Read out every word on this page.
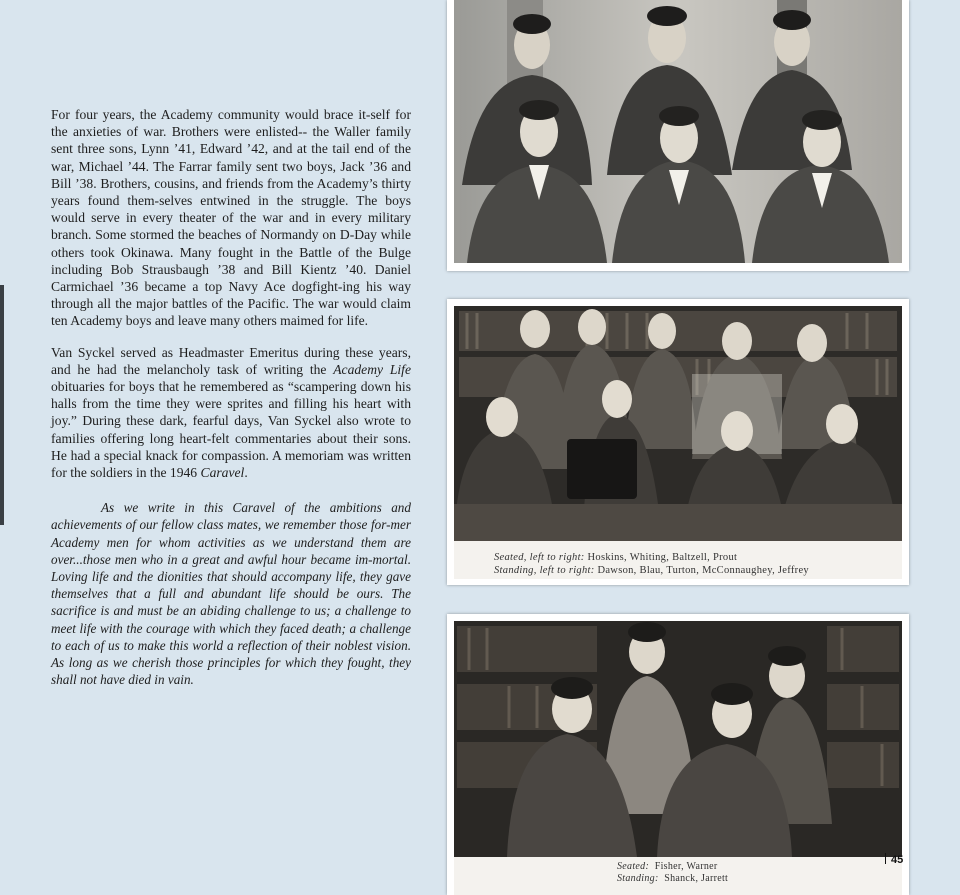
For four years, the Academy community would brace it-self for the anxieties of war. Brothers were enlisted-- the Waller family sent three sons, Lynn ’41, Edward ’42, and at the tail end of the war, Michael ’44. The Farrar family sent two boys, Jack ’36 and Bill ’38. Brothers, cousins, and friends from the Academy’s thirty years found them-selves entwined in the struggle. The boys would serve in every theater of the war and in every military branch. Some stormed the beaches of Normandy on D-Day while others took Okinawa. Many fought in the Battle of the Bulge including Bob Strausbaugh ’38 and Bill Kientz ’40. Daniel Carmichael ’36 became a top Navy Ace dogfight-ing his way through all the major battles of the Pacific. The war would claim ten Academy boys and leave many others maimed for life.

Van Syckel served as Headmaster Emeritus during these years, and he had the melancholy task of writing the Academy Life obituaries for boys that he remembered as “scampering down his halls from the time they were sprites and filling his heart with joy.” During these dark, fearful days, Van Syckel also wrote to families offering long heart-felt commentaries about their sons. He had a special knack for compassion. A memoriam was written for the soldiers in the 1946 Caravel.

As we write in this Caravel of the ambitions and achievements of our fellow class mates, we remember those for-mer Academy men for whom activities as we understand them are over...those men who in a great and awful hour became im-mortal. Loving life and the dionities that should accompany life, they gave themselves that a full and abundant life should be ours. The sacrifice is and must be an abiding challenge to us; a challenge to meet life with the courage with which they faced death; a challenge to each of us to make this world a reflection of their noblest vision. As long as we cherish those principles for which they fought, they shall not have died in vain.

Seated, left to right: Hoskins, Whiting, Baltzell, Prout
Standing, left to right: Dawson, Blau, Turton, McConnaughey, Jeffrey
Seated: Fisher, Warner
Standing: Shanck, Jarrett
45
